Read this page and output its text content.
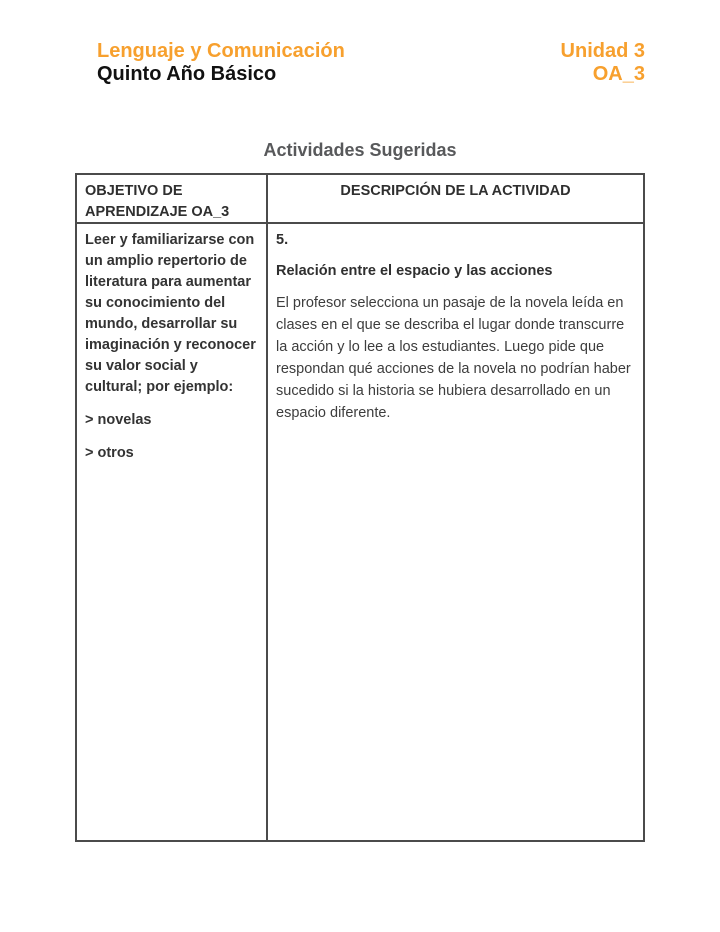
Lenguaje y Comunicación
Quinto Año Básico
Unidad 3
OA_3
Actividades Sugeridas
OBJETIVO DE APRENDIZAJE OA_3
DESCRIPCIÓN DE LA ACTIVIDAD
Leer y familiarizarse con un amplio repertorio de literatura para aumentar su conocimiento del mundo, desarrollar su imaginación y reconocer su valor social y cultural; por ejemplo:
> novelas
> otros
5.
Relación entre el espacio y las acciones

El profesor selecciona un pasaje de la novela leída en clases en el que se describa el lugar donde transcurre la acción y lo lee a los estudiantes. Luego pide que respondan qué acciones de la novela no podrían haber sucedido si la historia se hubiera desarrollado en un espacio diferente.
